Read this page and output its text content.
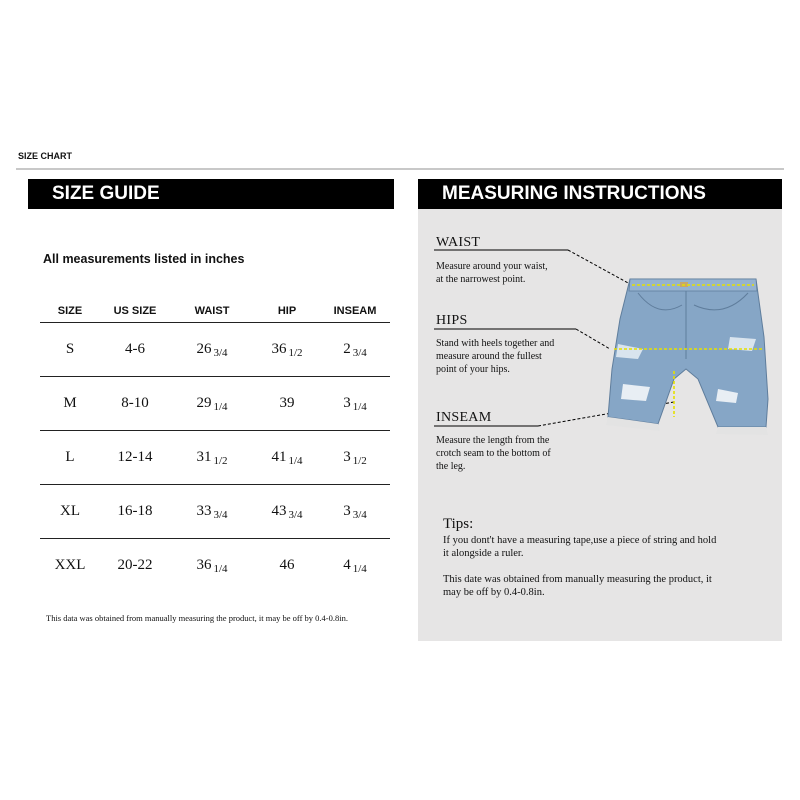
SIZE CHART
SIZE GUIDE	MEASURING INSTRUCTIONS
All measurements listed in inches
SIZE	US SIZE	WAIST	HIP	INSEAM
S	4-6	26 $_{3/4}$	36 $_{1/2}$	2 $_{3/4}$
M	8-10	29 $_{1/4}$	39	3 $_{1/4}$
L	12-14	31 $_{1/2}$	41 $_{1/4}$	3 $_{1/2}$
XL	16-18	33 $_{3/4}$	43 $_{3/4}$	3 $_{3/4}$
XXL	20-22	36 $_{1/4}$	46	4 $_{1/4}$
This data was obtained from manually measuring the product, it may be off by 0.4-0.8in.
WAIST
Measure around your waist,
at the narrowest point.
HIPS
Stand with heels together and
measure around the fullest
point of your hips.
INSEAM
Measure the length from the
crotch seam to the bottom of
the leg.
Tips:
If you dont't have a measuring tape,use a piece of string and hold
it alongside a ruler.
This date was obtained from manually measuring the product, it
may be off by 0.4-0.8in.
